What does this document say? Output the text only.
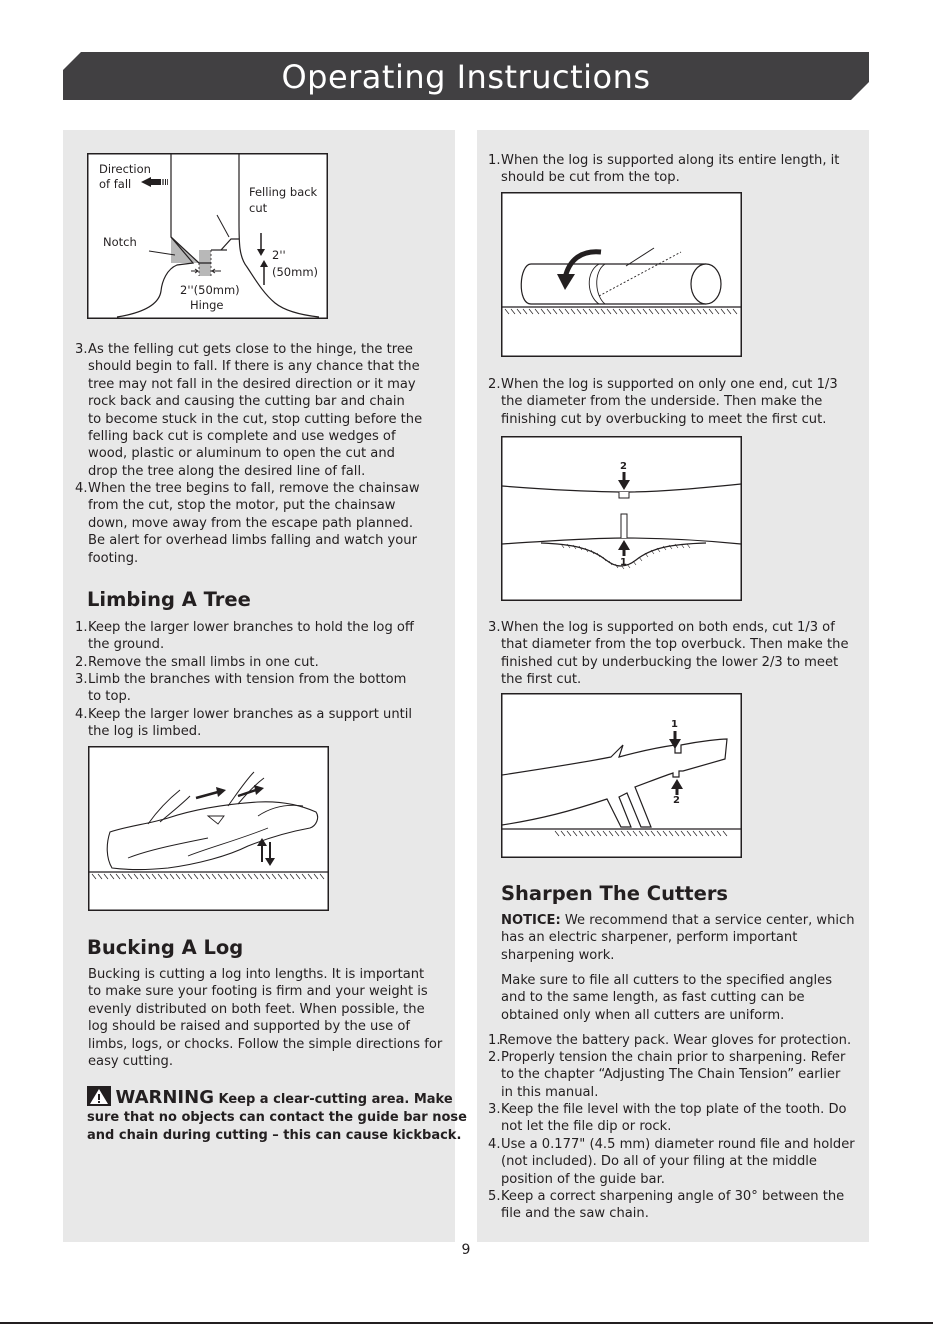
Operating Instructions
Direction
of fall
Felling back
cut
Notch
2''
(50mm)
2''(50mm)
Hinge
3. As the felling cut gets close to the hinge, the tree
should begin to fall. If there is any chance that the
tree may not fall in the desired direction or it may
rock back and causing the cutting bar and chain
to become stuck in the cut, stop cutting before the
felling back cut is complete and use wedges of
wood, plastic or aluminum to open the cut and
drop the tree along the desired line of fall.
4. When the tree begins to fall, remove the chainsaw
from the cut, stop the motor, put the chainsaw
down, move away from the escape path planned.
Be alert for overhead limbs falling and watch your
footing.
Limbing A Tree
1. Keep the larger lower branches to hold the log off
the ground.
2. Remove the small limbs in one cut.
3. Limb the branches with tension from the bottom
to top.
4. Keep the larger lower branches as a support until
the log is limbed.
Bucking A Log
Bucking is cutting a log into lengths. It is important
to make sure your footing is firm and your weight is
evenly distributed on both feet. When possible, the
log should be raised and supported by the use of
limbs, logs, or chocks. Follow the simple directions for
easy cutting.
WARNING Keep a clear-cutting area. Make
sure that no objects can contact the guide bar nose
and chain during cutting – this can cause kickback.
1. When the log is supported along its entire length, it
should be cut from the top.
2. When the log is supported on only one end, cut 1/3
the diameter from the underside. Then make the
finishing cut by overbucking to meet the first cut.
2
1
3. When the log is supported on both ends, cut 1/3 of
that diameter from the top overbuck. Then make the
finished cut by underbucking the lower 2/3 to meet
the first cut.
1
2
Sharpen The Cutters
NOTICE: We recommend that a service center, which
has an electric sharpener, perform important
sharpening work.
Make sure to file all cutters to the specified angles
and to the same length, as fast cutting can be
obtained only when all cutters are uniform.
1.
Remove the battery pack. Wear gloves for protection.
2. Properly tension the chain prior to sharpening. Refer
to the chapter “Adjusting The Chain Tension” earlier
in this manual.
3. Keep the file level with the top plate of the tooth. Do
not let the file dip or rock.
4. Use a 0.177" (4.5 mm) diameter round file and holder
(not included). Do all of your filing at the middle
position of the guide bar.
5. Keep a correct sharpening angle of 30° between the
file and the saw chain.
9
